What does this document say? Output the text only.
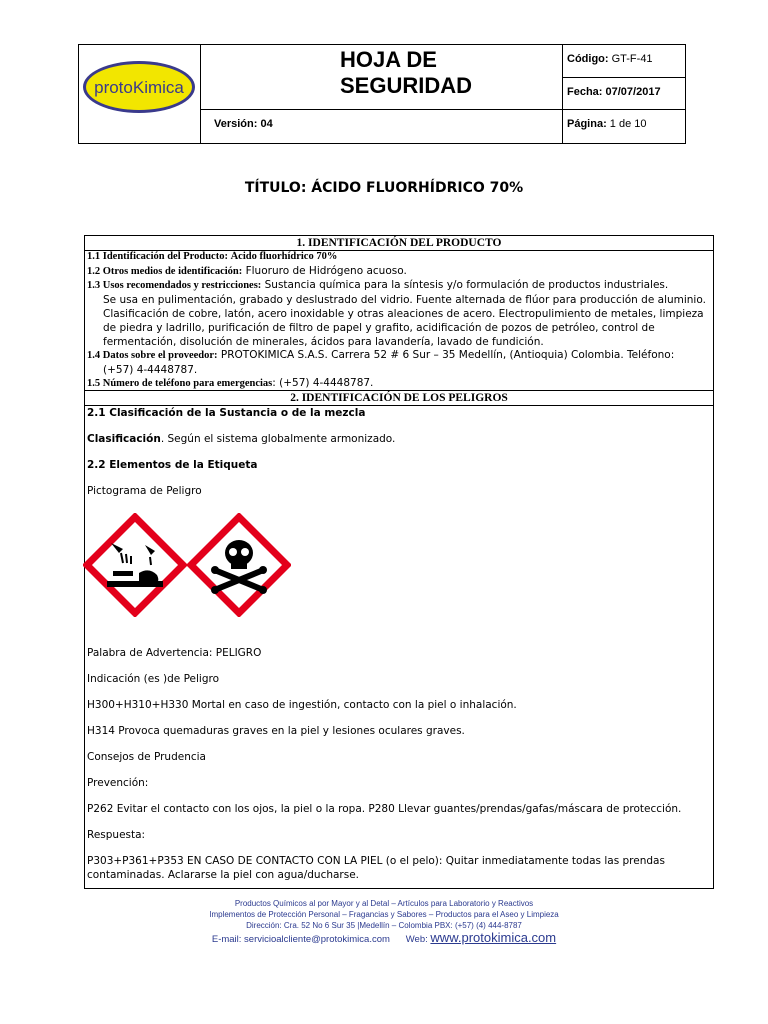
protoKimica
HOJA DE SEGURIDAD
Versión: 04
Código: GT-F-41
Fecha: 07/07/2017
Página: 1 de 10
TÍTULO: ÁCIDO FLUORHÍDRICO 70%
1. IDENTIFICACIÓN DEL PRODUCTO
1.1 Identificación del Producto: Ácido fluorhídrico 70%
1.2 Otros medios de identificación: Fluoruro de Hidrógeno acuoso.
1.3 Usos recomendados y restricciones: Sustancia química para la síntesis y/o formulación de productos industriales.
Se usa en pulimentación, grabado y deslustrado del vidrio. Fuente alternada de flúor para producción de aluminio. Clasificación de cobre, latón, acero inoxidable y otras aleaciones de acero. Electropulimiento de metales, limpieza de piedra y ladrillo, purificación de filtro de papel y grafito, acidificación de pozos de petróleo, control de fermentación, disolución de minerales, ácidos para lavandería, lavado de fundición.
1.4 Datos sobre el proveedor: PROTOKIMICA S.A.S. Carrera 52 # 6 Sur – 35 Medellín, (Antioquia) Colombia. Teléfono:
(+57) 4-4448787.
1.5 Número de teléfono para emergencias: (+57) 4-4448787.
2. IDENTIFICACIÓN DE LOS PELIGROS
2.1 Clasificación de la Sustancia o de la mezcla
Clasificación. Según el sistema globalmente armonizado.
2.2 Elementos de la Etiqueta
Pictograma de Peligro
Palabra de Advertencia: PELIGRO
Indicación (es )de Peligro
H300+H310+H330 Mortal en caso de ingestión, contacto con la piel o inhalación.
H314 Provoca quemaduras graves en la piel y lesiones oculares graves.
Consejos de Prudencia
Prevención:
P262 Evitar el contacto con los ojos, la piel o la ropa. P280 Llevar guantes/prendas/gafas/máscara de protección.
Respuesta:
P303+P361+P353 EN CASO DE CONTACTO CON LA PIEL (o el pelo): Quitar inmediatamente todas las prendas contaminadas. Aclararse la piel con agua/ducharse.
Productos Químicos al por Mayor y al Detal – Artículos para Laboratorio y Reactivos
Implementos de Protección Personal – Fragancias y Sabores – Productos para el Aseo y Limpieza
Dirección: Cra. 52 No 6 Sur 35 |Medellín – Colombia PBX: (+57) (4) 444-8787
E-mail: servicioalcliente@protokimica.com Web: www.protokimica.com
